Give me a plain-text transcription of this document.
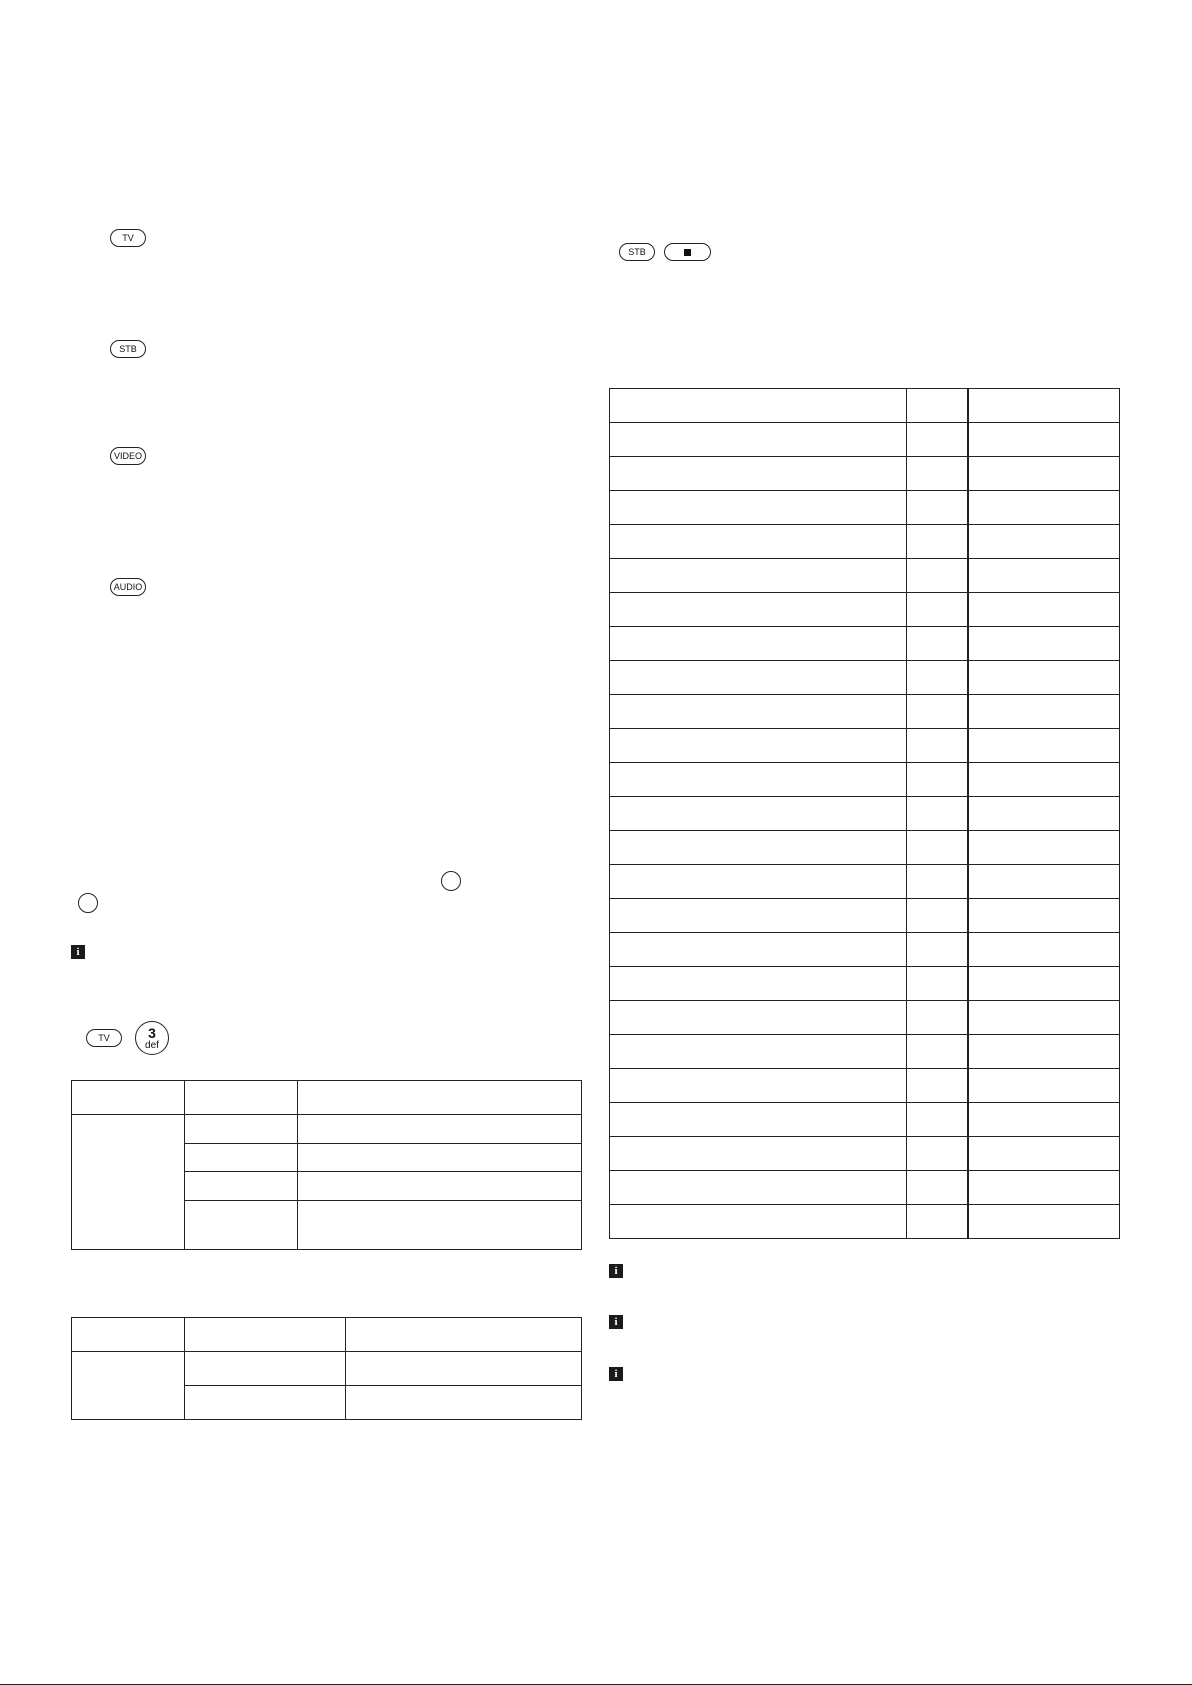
TV
STB
VIDEO
AUDIO
i
TV	3
def

STB

i
i
i
